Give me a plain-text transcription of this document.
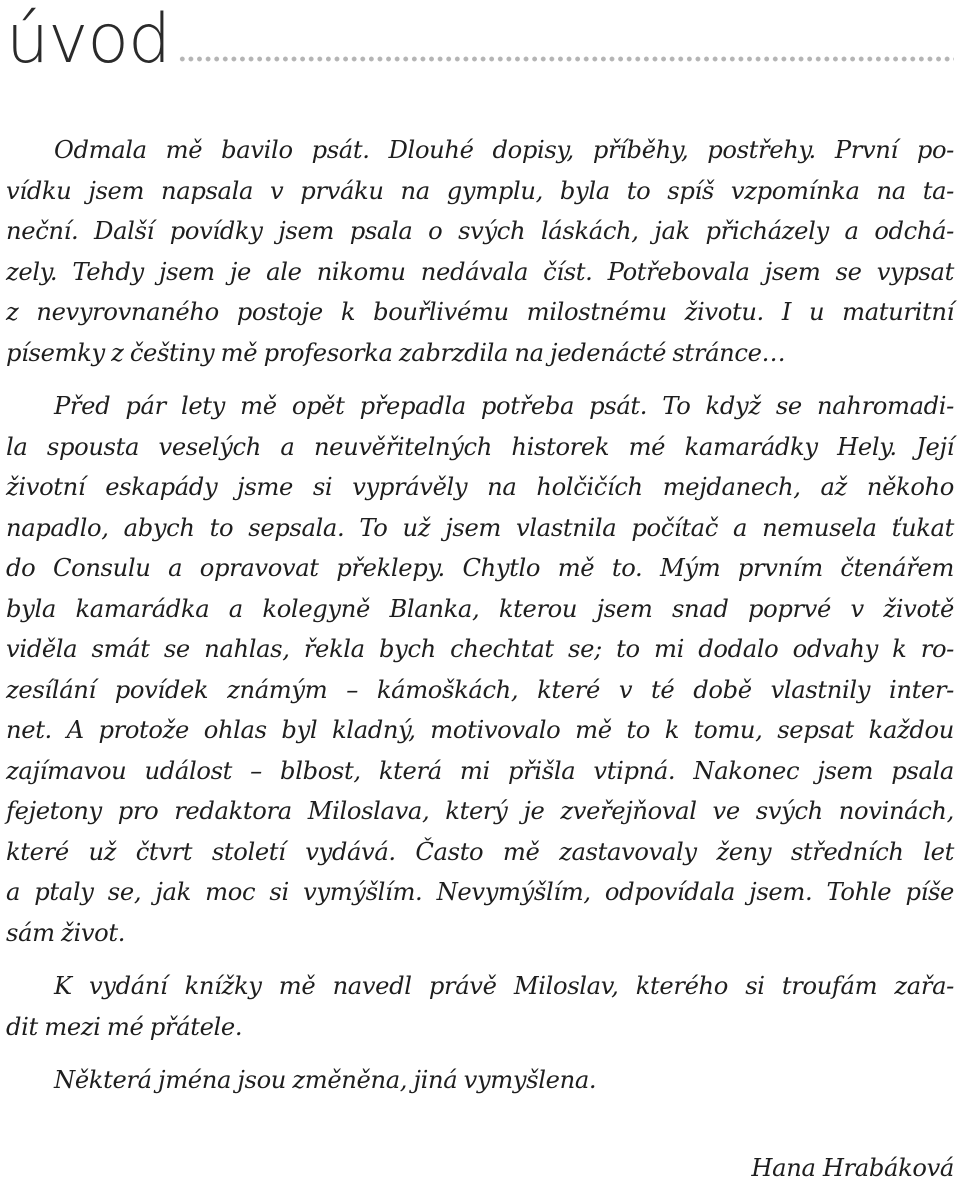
úvod
Odmala mě bavilo psát. Dlouhé dopisy, příběhy, postřehy. První po-
vídku jsem napsala v prváku na gymplu, byla to spíš vzpomínka na ta-
neční. Další povídky jsem psala o svých láskách, jak přicházely a odchá-
zely. Tehdy jsem je ale nikomu nedávala číst. Potřebovala jsem se vypsat
z nevyrovnaného postoje k bouřlivému milostnému životu. I u maturitní
písemky z češtiny mě profesorka zabrzdila na jedenácté stránce…
Před pár lety mě opět přepadla potřeba psát. To když se nahromadi-
la spousta veselých a neuvěřitelných historek mé kamarádky Hely. Její
životní eskapády jsme si vyprávěly na holčičích mejdanech, až někoho
napadlo, abych to sepsala. To už jsem vlastnila počítač a nemusela ťukat
do Consulu a opravovat překlepy. Chytlo mě to. Mým prvním čtenářem
byla kamarádka a kolegyně Blanka, kterou jsem snad poprvé v životě
viděla smát se nahlas, řekla bych chechtat se; to mi dodalo odvahy k ro-
zesílání povídek známým – kámoškách, které v té době vlastnily inter-
net. A protože ohlas byl kladný, motivovalo mě to k tomu, sepsat každou
zajímavou událost – blbost, která mi přišla vtipná. Nakonec jsem psala
fejetony pro redaktora Miloslava, který je zveřejňoval ve svých novinách,
které už čtvrt století vydává. Často mě zastavovaly ženy středních let
a ptaly se, jak moc si vymýšlím. Nevymýšlím, odpovídala jsem. Tohle píše
sám život.
K vydání knížky mě navedl právě Miloslav, kterého si troufám zařa-
dit mezi mé přátele.
Některá jména jsou změněna, jiná vymyšlena.
Hana Hrabáková
